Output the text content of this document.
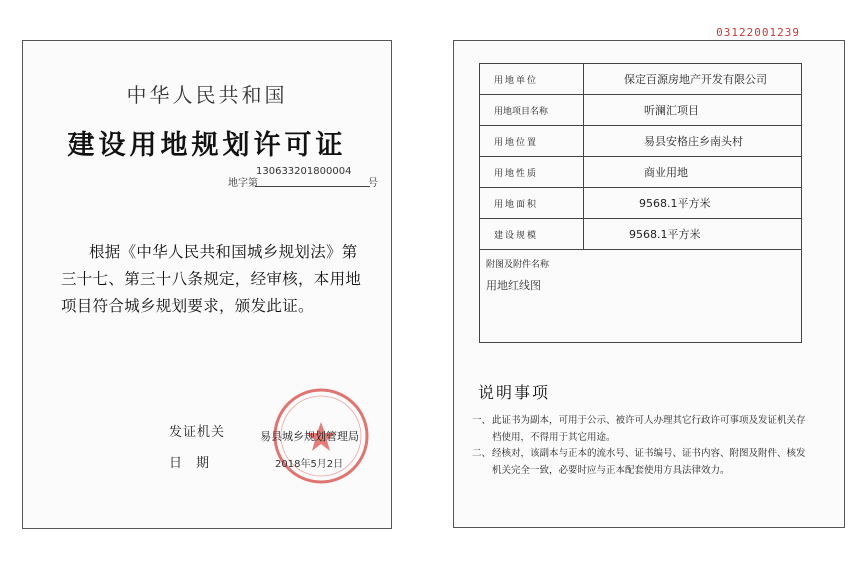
03122001239
中华人民共和国
建设用地规划许可证
地字第
130633201800004
号
根据《中华人民共和国城乡规划法》第
三十七、第三十八条规定，经审核，本用地
项目符合城乡规划要求，颁发此证。
发证机关	易县城乡规划管理局
日期	2018年5月2日
用地单位	保定百源房地产开发有限公司
用地项目名称	听澜汇项目
用地位置	易县安格庄乡南头村
用地性质	商业用地
用地面积	9568.1平方米
建设规模	9568.1平方米
附图及附件名称
用地红线图
说明事项
一、 此证书为副本，可用于公示、被许可人办理其它行政许可事项及发证机关存档使用，不得用于其它用途。
二、 经核对，该副本与正本的流水号、证书编号、证书内容、附图及附件、核发机关完全一致，必要时应与正本配套使用方具法律效力。
